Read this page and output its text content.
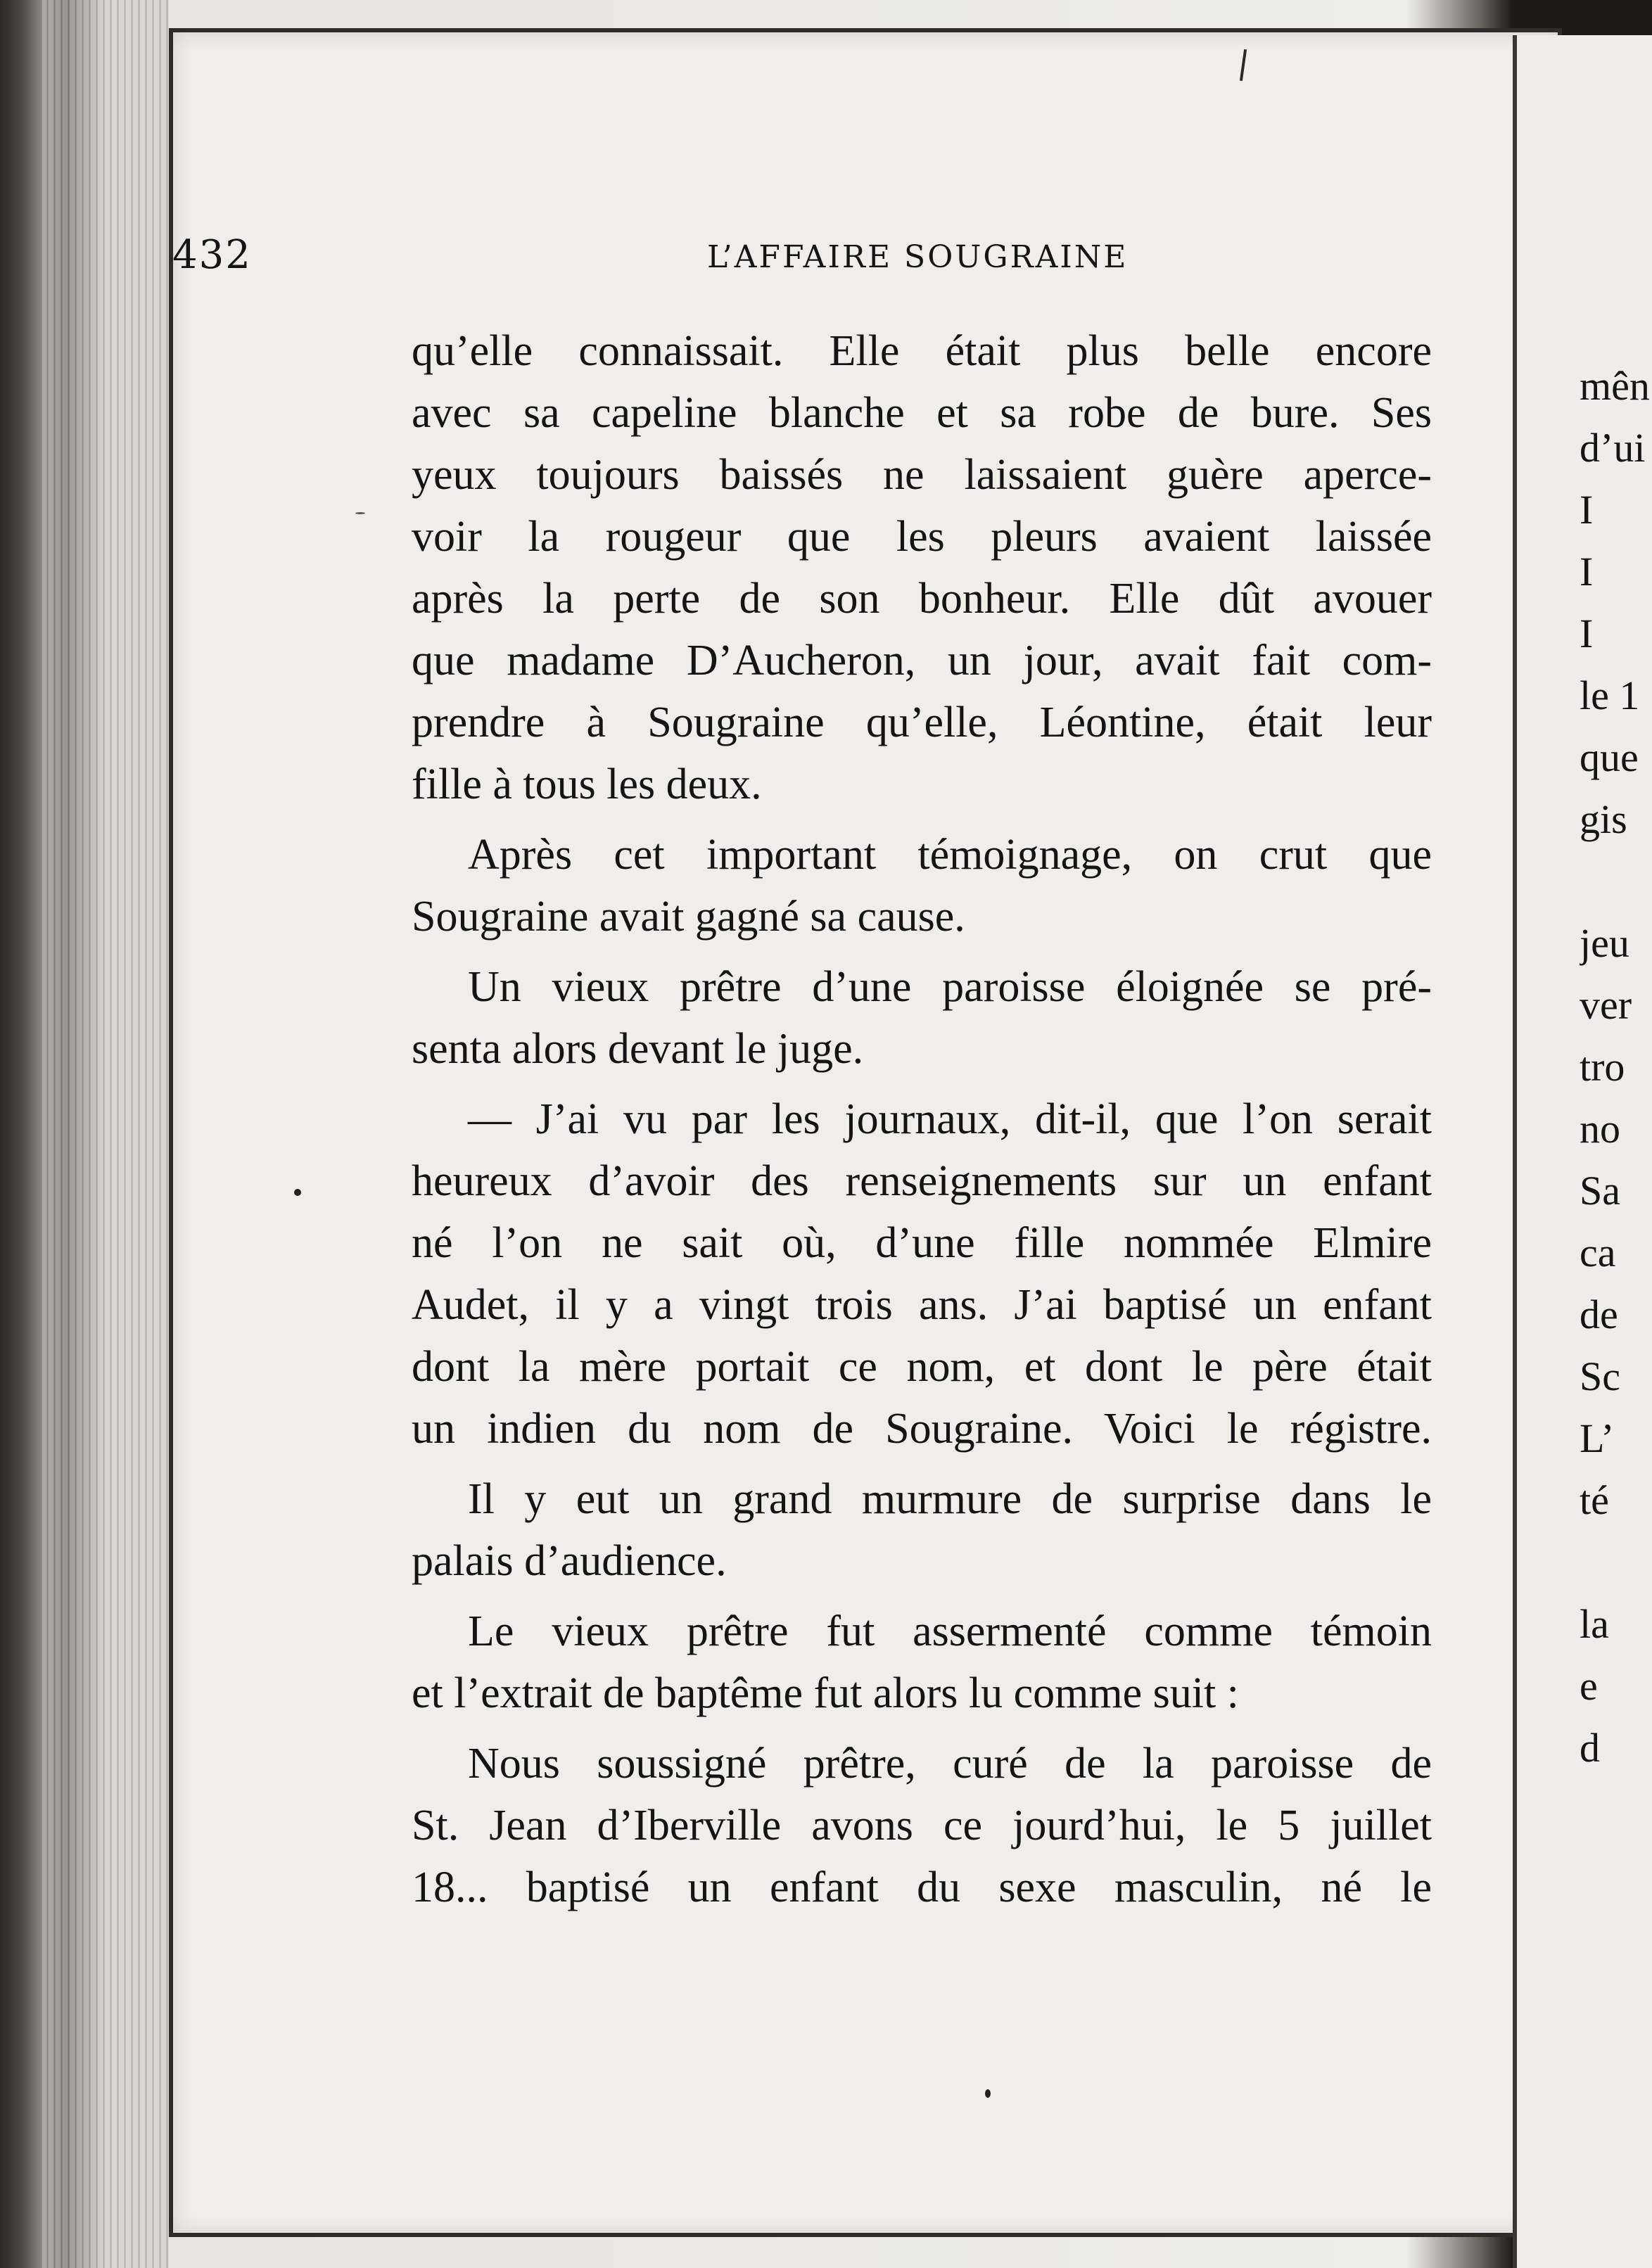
432	L’AFFAIRE SOUGRAINE
qu’elle connaissait. Elle était plus belle encore
avec sa capeline blanche et sa robe de bure. Ses
yeux toujours baissés ne laissaient guère aperce-
voir la rougeur que les pleurs avaient laissée
après la perte de son bonheur. Elle dût avouer
que madame D’Aucheron, un jour, avait fait com-
prendre à Sougraine qu’elle, Léontine, était leur
fille à tous les deux.
Après cet important témoignage, on crut que
Sougraine avait gagné sa cause.
Un vieux prêtre d’une paroisse éloignée se pré-
senta alors devant le juge.
— J’ai vu par les journaux, dit-il, que l’on serait
heureux d’avoir des renseignements sur un enfant
né l’on ne sait où, d’une fille nommée Elmire
Audet, il y a vingt trois ans. J’ai baptisé un enfant
dont la mère portait ce nom, et dont le père était
un indien du nom de Sougraine. Voici le régistre.
Il y eut un grand murmure de surprise dans le
palais d’audience.
Le vieux prêtre fut assermenté comme témoin
et l’extrait de baptême fut alors lu comme suit :
Nous soussigné prêtre, curé de la paroisse de
St. Jean d’Iberville avons ce jourd’hui, le 5 juillet
18... baptisé un enfant du sexe masculin, né le
mên
d’ui
I
I
I
le 1
que
gis
jeu
ver
tro
no
Sa
ca
de
Sc
L’
té
la
e
d
